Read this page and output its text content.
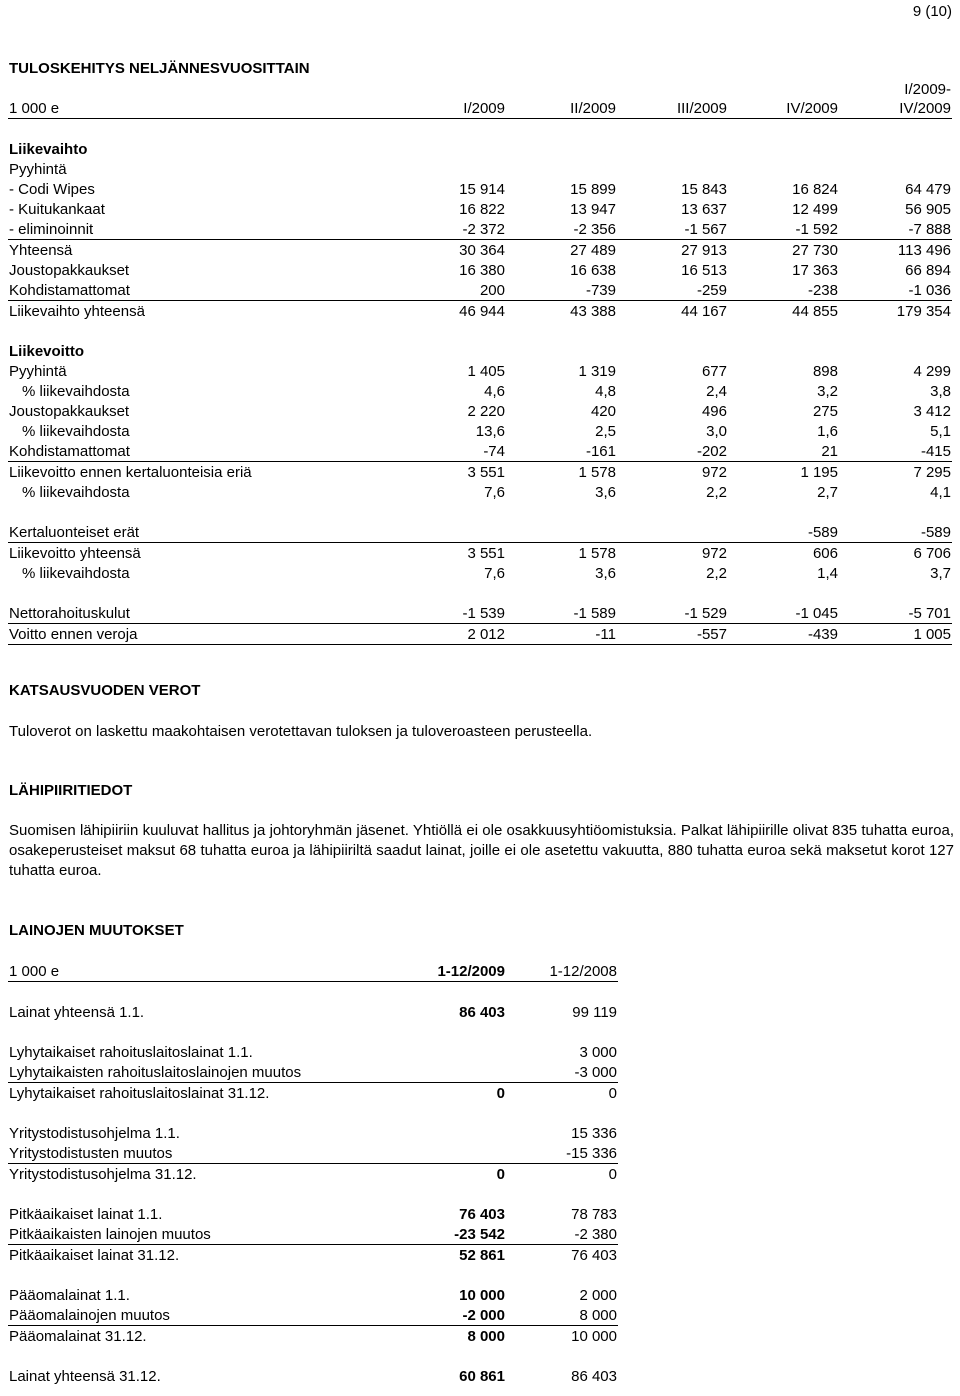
9 (10)
TULOSKEHITYS NELJÄNNESVUOSITTAIN
1 000 e	I/2009	II/2009	III/2009	IV/2009	I/2009-
IV/2009

Liikevaihto					
Pyyhintä					
- Codi Wipes	15 914	15 899	15 843	16 824	64 479
- Kuitukankaat	16 822	13 947	13 637	12 499	56 905
- eliminoinnit	-2 372	-2 356	-1 567	-1 592	-7 888
Yhteensä	30 364	27 489	27 913	27 730	113 496
Joustopakkaukset	16 380	16 638	16 513	17 363	66 894
Kohdistamattomat	200	-739	-259	-238	-1 036
Liikevaihto yhteensä	46 944	43 388	44 167	44 855	179 354

Liikevoitto					
Pyyhintä	1 405	1 319	677	898	4 299
% liikevaihdosta	4,6	4,8	2,4	3,2	3,8
Joustopakkaukset	2 220	420	496	275	3 412
% liikevaihdosta	13,6	2,5	3,0	1,6	5,1
Kohdistamattomat	-74	-161	-202	21	-415
Liikevoitto ennen kertaluonteisia eriä	3 551	1 578	972	1 195	7 295
% liikevaihdosta	7,6	3,6	2,2	2,7	4,1

Kertaluonteiset erät				-589	-589
Liikevoitto yhteensä	3 551	1 578	972	606	6 706
% liikevaihdosta	7,6	3,6	2,2	1,4	3,7

Nettorahoituskulut	-1 539	-1 589	-1 529	-1 045	-5 701
Voitto ennen veroja	2 012	-11	-557	-439	1 005
KATSAUSVUODEN VEROT
Tuloverot on laskettu maakohtaisen verotettavan tuloksen ja tuloveroasteen perusteella.
LÄHIPIIRITIEDOT
Suomisen lähipiiriin kuuluvat hallitus ja johtoryhmän jäsenet. Yhtiöllä ei ole osakkuusyhtiöomistuksia. Palkat lähipiirille olivat 835 tuhatta euroa, osakeperusteiset maksut 68 tuhatta euroa ja lähipiiriltä saadut lainat, joille ei ole asetettu vakuutta, 880 tuhatta euroa sekä maksetut korot 127 tuhatta euroa.
LAINOJEN MUUTOKSET
1 000 e	1-12/2009	1-12/2008

Lainat yhteensä 1.1.	86 403	99 119

Lyhytaikaiset rahoituslaitoslainat 1.1.		3 000
Lyhytaikaisten rahoituslaitoslainojen muutos		-3 000
Lyhytaikaiset rahoituslaitoslainat 31.12.	0	0

Yritystodistusohjelma 1.1.		15 336
Yritystodistusten muutos		-15 336
Yritystodistusohjelma 31.12.	0	0

Pitkäaikaiset lainat 1.1.	76 403	78 783
Pitkäaikaisten lainojen muutos	-23 542	-2 380
Pitkäaikaiset lainat 31.12.	52 861	76 403

Pääomalainat 1.1.	10 000	2 000
Pääomalainojen muutos	-2 000	8 000
Pääomalainat 31.12.	8 000	10 000

Lainat yhteensä 31.12.	60 861	86 403
